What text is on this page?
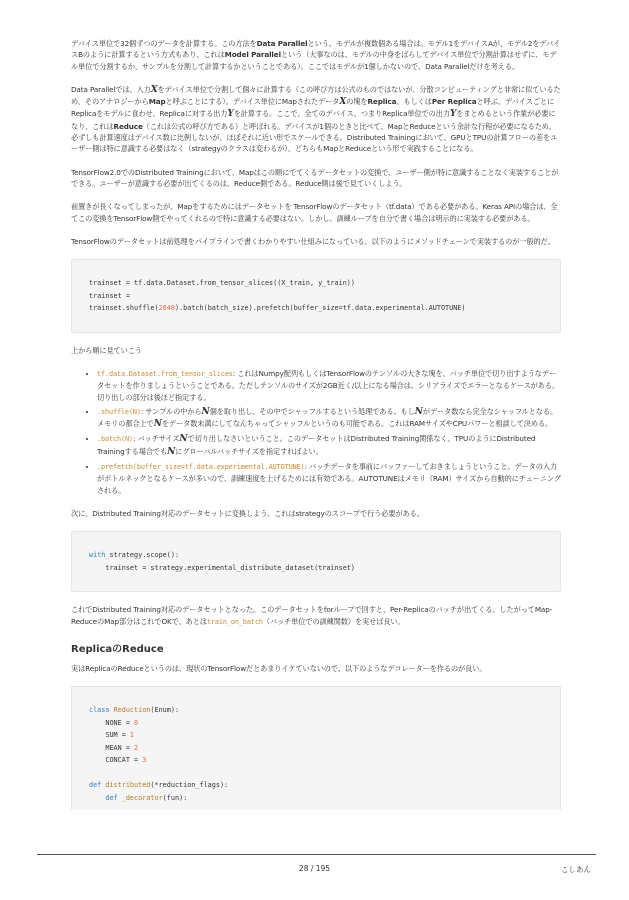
デバイス単位で32個ずつのデータを計算する。この方法をData Parallelという。モデルが複数個ある場合は、モデル1をデバイスAが、モデル2をデバイスBのように計算するという方式もあり、これはModel Parallelという（大事なのは、モデルの中身をばらしてデバイス単位で分割計算はせずに、モデル単位で分割するか、サンプルを分割して計算するかということである）。ここではモデルが1個しかないので、Data Parallelだけを考える。

Data Parallelでは、入力Xをデバイス単位で分割して個々に計算する（この呼び方は公式のものではないが、分散コンピューティングと非常に似ているため、そのアナロジーからMapと呼ぶことにする）。デバイス単位にMapされたデータXの塊をReplica、もしくはPer Replicaと呼ぶ。デバイスごとにReplicaをモデルに食わせ、Replicaに対する出力Yを計算する。ここで、全てのデバイス、つまりReplica単位での出力Yをまとめるという作業が必要になり、これはReduce（これは公式の呼び方である）と呼ばれる。デバイスが1個のときと比べて、MapとReduceという余計な行程が必要になるため、必ずしも計算速度はデバイス数に比例しないが、ほぼそれに近い形でスケールできる。Distributed Trainingにおいて、GPUとTPUの計算フローの差をユーザー側は特に意識する必要はなく（strategyのクラスは変わるが）、どちらもMapとReduceという形で実践することになる。

TensorFlow2.0でのDistributed Trainingにおいて、Mapはこの順にでてくるデータセットの変換で、ユーザー側が特に意識することなく実装することができる。ユーザーが意識する必要が出てくるのは、Reduce側である。Reduce側は後で見ていくしよう。

前置きが長くなってしまったが、Mapをするためにはデータセットを TensorFlowのデータセット（tf.data）である必要がある。Keras APIの場合は、全てこの変換をTensorFlow側でやってくれるので特に意識する必要はない。しかし、訓練ループを自分で書く場合は明示的に実装する必要がある。

TensorFlowのデータセットは前処理をパイプラインで書くわかりやすい仕組みになっている。以下のようにメソッドチェーンで実装するのが一般的だ。

trainset = tf.data.Dataset.from_tensor_slices((X_train, y_train))
trainset =
trainset.shuffle(2048).batch(batch_size).prefetch(buffer_size=tf.data.experimental.AUTOTUNE)

上から順に見ていこう

• tf.data.Dataset.from_tensor_slices: これはNumpy配列もしくはTensorFlowのテンソルの大きな塊を、バッチ単位で切り出すようなデータセットを作りましょうということである。ただしテンソルのサイズが2GB近く/以上になる場合は、シリアライズでエラーとなるケースがある。切り出しの部分は後ほど指定する。
• .shuffle(N): サンプルの中からN個を取り出し、その中でシャッフルするという処理である。もしNがデータ数なら完全なシャッフルとなる。メモリの都合上でNをデータ数未満にしてなんちゃってシャッフルというのも可能である。これはRAMサイズやCPUパワーと相談して決める。
• .batch(N): バッチサイズNで切り出しなさいということ。このデータセットはDistributed Training関係なく、TPUのようにDistributed Trainingする場合でもNにグローバルバッチサイズを指定すればよい。
• .prefetch(buffer_size=tf.data.experimental.AUTOTUNE): バッチデータを事前にバッファーしておきましょうということ。データの入力がボトルネックとなるケースが多いので、訓練速度を上げるためには有効である。AUTOTUNEはメモリ（RAM）サイズから自動的にチューニングされる。

次に、Distributed Training対応のデータセットに変換しよう。これはstrategyのスコープで行う必要がある。

with strategy.scope():
trainset = strategy.experimental_distribute_dataset(trainset)

これでDistributed Training対応のデータセットとなった。このデータセットをforループで回すと、Per-Replicaのバッチが出てくる。したがってMap-ReduceのMap部分はこれでOKで、あとはtrain_on_batch（バッチ単位での訓練関数）を実せば良い。

ReplicaのReduce

実はReplicaのReduceというのは、現状のTensorFlowだとあまりイケていないので、以下のようなデコレーターを作るのが良い。

class Reduction(Enum):
NONE = 0
SUM = 1
MEAN = 2
CONCAT = 3

def distributed(*reduction_flags):
def _decorator(fun):
28 / 195	こしあん
